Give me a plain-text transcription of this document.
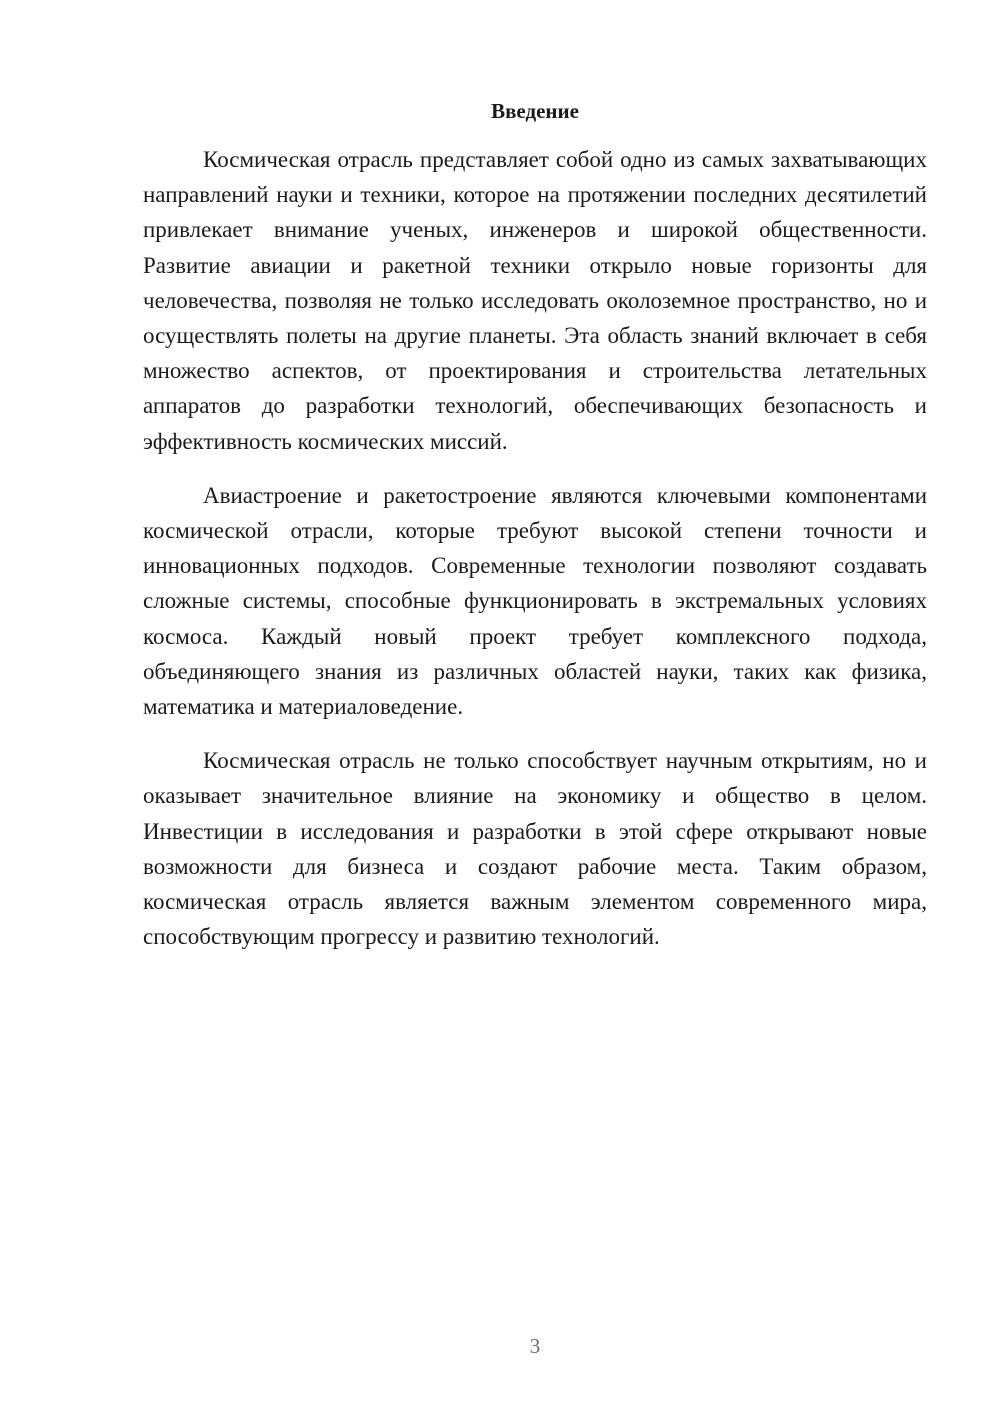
Введение

Космическая отрасль представляет собой одно из самых захватывающих направлений науки и техники, которое на протяжении последних десятилетий привлекает внимание ученых, инженеров и широкой общественности. Развитие авиации и ракетной техники открыло новые горизонты для человечества, позволяя не только исследовать околоземное пространство, но и осуществлять полеты на другие планеты. Эта область знаний включает в себя множество аспектов, от проектирования и строительства летательных аппаратов до разработки технологий, обеспечивающих безопасность и эффективность космических миссий.

Авиастроение и ракетостроение являются ключевыми компонентами космической отрасли, которые требуют высокой степени точности и инновационных подходов. Современные технологии позволяют создавать сложные системы, способные функционировать в экстремальных условиях космоса. Каждый новый проект требует комплексного подхода, объединяющего знания из различных областей науки, таких как физика, математика и материаловедение.

Космическая отрасль не только способствует научным открытиям, но и оказывает значительное влияние на экономику и общество в целом. Инвестиции в исследования и разработки в этой сфере открывают новые возможности для бизнеса и создают рабочие места. Таким образом, космическая отрасль является важным элементом современного мира, способствующим прогрессу и развитию технологий.

3
